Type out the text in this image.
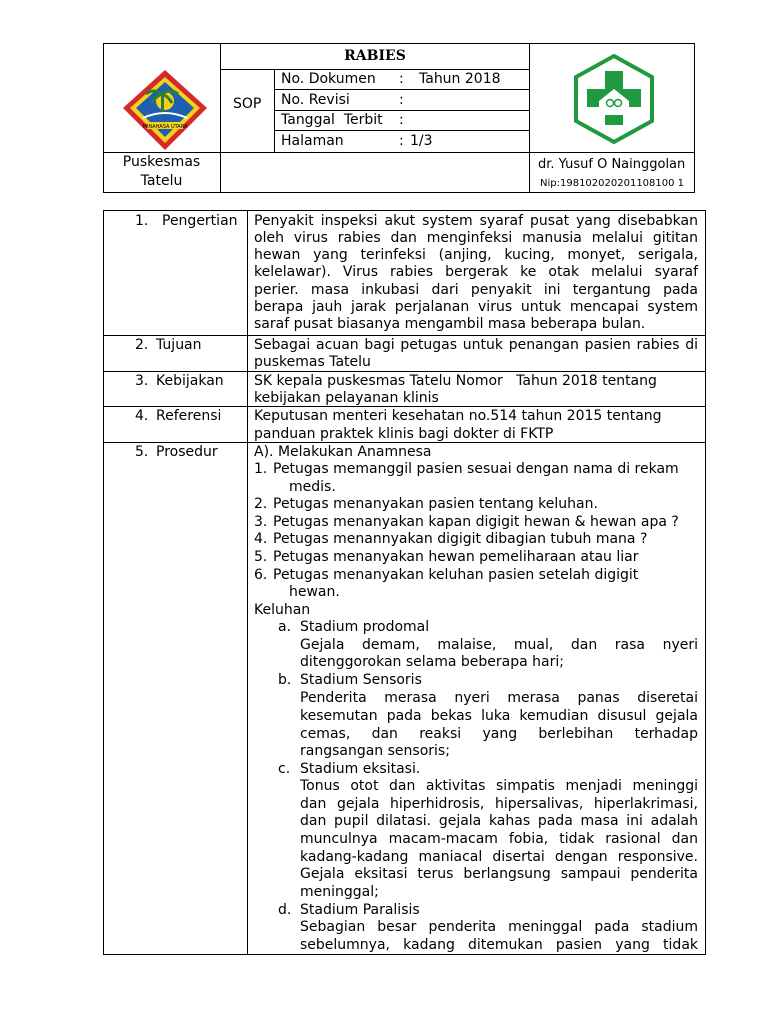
MINAHASA UTARA
RABIES
SOP
No. Dokumen : Tahun 2018
No. Revisi	:
Tanggal  Terbit :
Halaman	: 1/3
Puskesmas
Tatelu
dr. Yusuf O Nainggolan
Nip:198102020201108100 1
1. Pengertian
2. Tujuan
3. Kebijakan
4. Referensi
5. Prosedur
Penyakit inspeksi akut system syaraf pusat yang disebabkan
oleh virus rabies dan menginfeksi manusia melalui gititan
hewan yang terinfeksi (anjing, kucing, monyet, serigala,
kelelawar). Virus rabies bergerak ke otak melalui syaraf
perier. masa inkubasi dari penyakit ini tergantung pada
berapa jauh jarak perjalanan virus untuk mencapai system
saraf pusat biasanya mengambil masa beberapa bulan.
Sebagai acuan bagi petugas untuk penangan pasien rabies di
puskemas Tatelu
SK kepala puskesmas Tatelu Nomor   Tahun 2018 tentang
kebijakan pelayanan klinis
Keputusan menteri kesehatan no.514 tahun 2015 tentang
panduan praktek klinis bagi dokter di FKTP
A). Melakukan Anamnesa
1. Petugas memanggil pasien sesuai dengan nama di rekam
medis.
2. Petugas menanyakan pasien tentang keluhan.
3. Petugas menanyakan kapan digigit hewan & hewan apa ?
4. Petugas menannyakan digigit dibagian tubuh mana ?
5. Petugas menanyakan hewan pemeliharaan atau liar
6. Petugas menanyakan keluhan pasien setelah digigit
hewan.
Keluhan
a. Stadium prodomal
Gejala demam, malaise, mual, dan rasa nyeri
ditenggorokan selama beberapa hari;
b. Stadium Sensoris
Penderita merasa nyeri merasa panas diseretai
kesemutan pada bekas luka kemudian disusul gejala
cemas, dan reaksi yang berlebihan terhadap
rangsangan sensoris;
c. Stadium eksitasi.
Tonus otot dan aktivitas simpatis menjadi meninggi
dan gejala hiperhidrosis, hipersalivas, hiperlakrimasi,
dan pupil dilatasi. gejala kahas pada masa ini adalah
munculnya macam-macam fobia, tidak rasional dan
kadang-kadang maniacal disertai dengan responsive.
Gejala eksitasi terus berlangsung sampaui penderita
meninggal;
d. Stadium Paralisis
Sebagian besar penderita meninggal pada stadium
sebelumnya, kadang ditemukan pasien yang tidak
